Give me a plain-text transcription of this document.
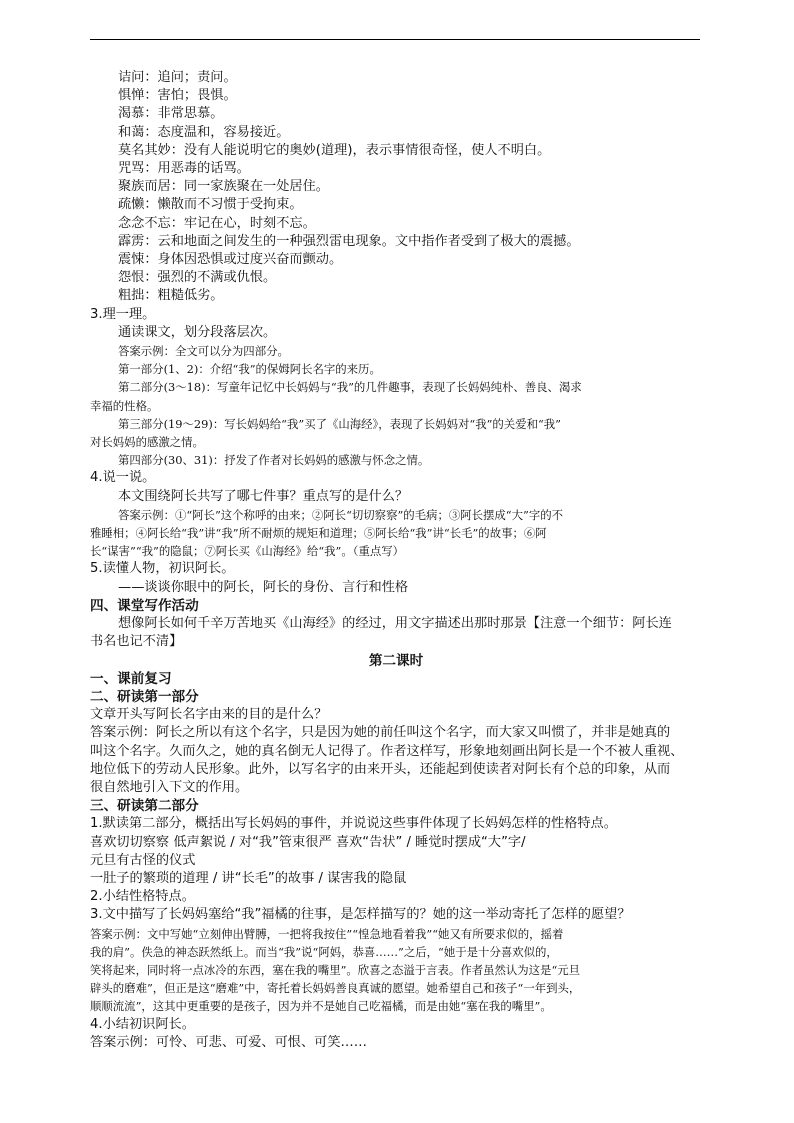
诘问：追问；责问。
惧惮：害怕；畏惧。
渴慕：非常思慕。
和蔼：态度温和，容易接近。
莫名其妙：没有人能说明它的奥妙(道理)，表示事情很奇怪，使人不明白。
咒骂：用恶毒的话骂。
聚族而居：同一家族聚在一处居住。
疏懒：懒散而不习惯于受拘束。
念念不忘：牢记在心，时刻不忘。
霹雳：云和地面之间发生的一种强烈雷电现象。文中指作者受到了极大的震撼。
震悚：身体因恐惧或过度兴奋而颤动。
怨恨：强烈的不满或仇恨。
粗拙：粗糙低劣。
3.理一理。
通读课文，划分段落层次。
答案示例：全文可以分为四部分。
第一部分(1、2)：介绍“我”的保姆阿长名字的来历。
第二部分(3～18)：写童年记忆中长妈妈与“我”的几件趣事，表现了长妈妈纯朴、善良、渴求
幸福的性格。
第三部分(19～29)：写长妈妈给“我”买了《山海经》，表现了长妈妈对“我”的关爱和“我”
对长妈妈的感激之情。
第四部分(30、31)：抒发了作者对长妈妈的感激与怀念之情。
4.说一说。
本文围绕阿长共写了哪七件事？重点写的是什么？
答案示例：①“阿长”这个称呼的由来；②阿长“切切察察”的毛病；③阿长摆成“大”字的不
雅睡相；④阿长给“我”讲“我”所不耐烦的规矩和道理；⑤阿长给“我”讲“长毛”的故事；⑥阿
长“谋害”“我”的隐鼠；⑦阿长买《山海经》给“我”。（重点写）
5.读懂人物，初识阿长。
——谈谈你眼中的阿长，阿长的身份、言行和性格
四、课堂写作活动
想像阿长如何千辛万苦地买《山海经》的经过，用文字描述出那时那景【注意一个细节：阿长连
书名也记不清】
第二课时
一、课前复习
二、研读第一部分
文章开头写阿长名字由来的目的是什么？
答案示例：阿长之所以有这个名字，只是因为她的前任叫这个名字，而大家又叫惯了，并非是她真的
叫这个名字。久而久之，她的真名倒无人记得了。作者这样写，形象地刻画出阿长是一个不被人重视、
地位低下的劳动人民形象。此外，以写名字的由来开头，还能起到使读者对阿长有个总的印象，从而
很自然地引入下文的作用。
三、研读第二部分
1.默读第二部分，概括出写长妈妈的事件，并说说这些事件体现了长妈妈怎样的性格特点。
喜欢切切察察 低声絮说 / 对“我”管束很严 喜欢“告状” / 睡觉时摆成“大”字/
元旦有古怪的仪式
一肚子的繁琐的道理 / 讲“长毛”的故事 / 谋害我的隐鼠
2.小结性格特点。
3.文中描写了长妈妈塞给“我”福橘的往事，是怎样描写的？她的这一举动寄托了怎样的愿望？
答案示例：文中写她“立刻伸出臂膊，一把将我按住”“惶急地看着我”“她又有所要求似的，摇着
我的肩”。佚急的神态跃然纸上。而当“我”说“阿妈，恭喜……”之后，“她于是十分喜欢似的，
笑将起来，同时将一点冰冷的东西，塞在我的嘴里”。欣喜之态溢于言表。作者虽然认为这是“元旦
辟头的磨难”，但正是这“磨难”中，寄托着长妈妈善良真诚的愿望。她希望自己和孩子“一年到头，
顺顺流流”，这其中更重要的是孩子，因为并不是她自己吃福橘，而是由她“塞在我的嘴里”。
4.小结初识阿长。
答案示例：可怜、可悲、可爱、可恨、可笑……
